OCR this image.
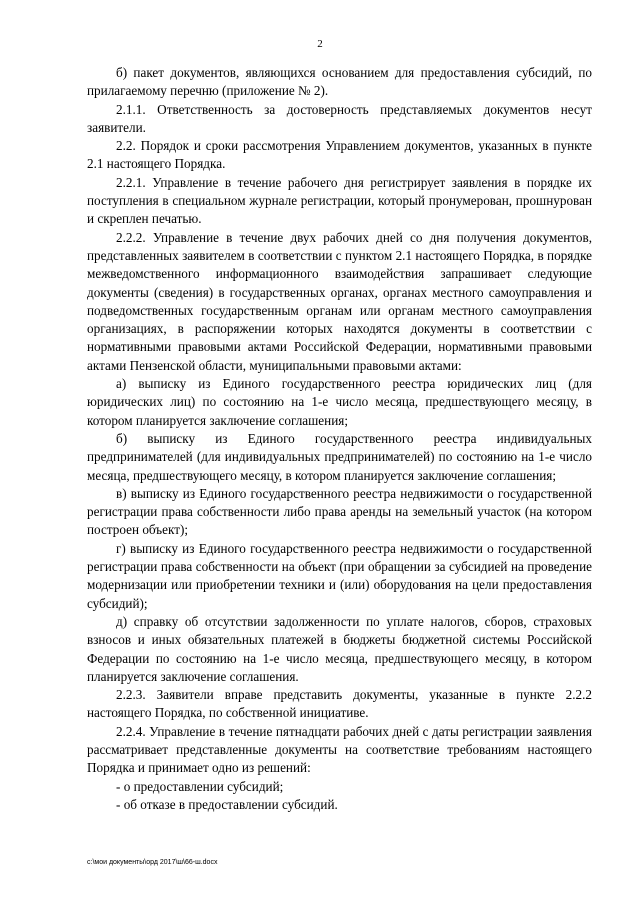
2

б) пакет документов, являющихся основанием для предоставления субсидий, по прилагаемому перечню (приложение № 2).

2.1.1. Ответственность за достоверность представляемых документов несут заявители.

2.2. Порядок и сроки рассмотрения Управлением документов, указанных в пункте 2.1 настоящего Порядка.

2.2.1. Управление в течение рабочего дня регистрирует заявления в порядке их поступления в специальном журнале регистрации, который пронумерован, прошнурован и скреплен печатью.

2.2.2. Управление в течение двух рабочих дней со дня получения документов, представленных заявителем в соответствии с пунктом 2.1 настоящего Порядка, в порядке межведомственного информационного взаимодействия запрашивает следующие документы (сведения) в государственных органах, органах местного самоуправления и подведомственных государственным органам или органам местного самоуправления организациях, в распоряжении которых находятся документы в соответствии с нормативными правовыми актами Российской Федерации, нормативными правовыми актами Пензенской области, муниципальными правовыми актами:

а) выписку из Единого государственного реестра юридических лиц (для юридических лиц) по состоянию на 1-е число месяца, предшествующего месяцу, в котором планируется заключение соглашения;

б) выписку из Единого государственного реестра индивидуальных предпринимателей (для индивидуальных предпринимателей) по состоянию на 1-е число месяца, предшествующего месяцу, в котором планируется заключение соглашения;

в) выписку из Единого государственного реестра недвижимости о государственной регистрации права собственности либо права аренды на земельный участок (на котором построен объект);

г) выписку из Единого государственного реестра недвижимости о государственной регистрации права собственности на объект (при обращении за субсидией на проведение модернизации или приобретении техники и (или) оборудования на цели предоставления субсидий);

д) справку об отсутствии задолженности по уплате налогов, сборов, страховых взносов и иных обязательных платежей в бюджеты бюджетной системы Российской Федерации по состоянию на 1-е число месяца, предшествующего месяцу, в котором планируется заключение соглашения.

2.2.3. Заявители вправе представить документы, указанные в пункте 2.2.2 настоящего Порядка, по собственной инициативе.

2.2.4. Управление в течение пятнадцати рабочих дней с даты регистрации заявления рассматривает представленные документы на соответствие требованиям настоящего Порядка и принимает одно из решений:

- о предоставлении субсидий;

- об отказе в предоставлении субсидий.

c:\мои документы\орд 2017\ш\66-ш.docx
